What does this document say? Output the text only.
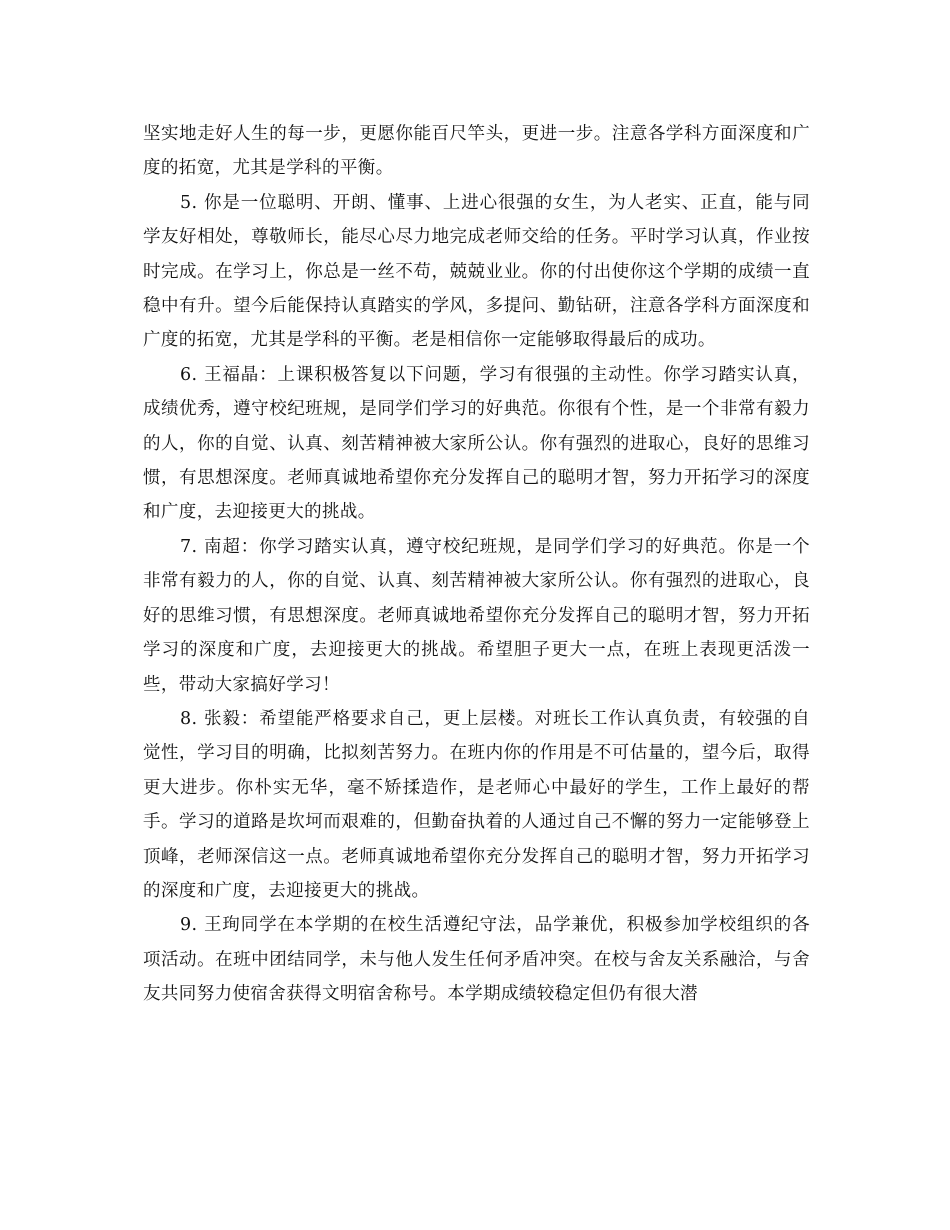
坚实地走好人生的每一步，更愿你能百尺竿头，更进一步。注意各学科方面深度和广度的拓宽，尤其是学科的平衡。

5. 你是一位聪明、开朗、懂事、上进心很强的女生，为人老实、正直，能与同学友好相处，尊敬师长，能尽心尽力地完成老师交给的任务。平时学习认真，作业按时完成。在学习上，你总是一丝不苟，兢兢业业。你的付出使你这个学期的成绩一直稳中有升。望今后能保持认真踏实的学风，多提问、勤钻研，注意各学科方面深度和广度的拓宽，尤其是学科的平衡。老是相信你一定能够取得最后的成功。

6. 王福晶：上课积极答复以下问题，学习有很强的主动性。你学习踏实认真，成绩优秀，遵守校纪班规，是同学们学习的好典范。你很有个性，是一个非常有毅力的人，你的自觉、认真、刻苦精神被大家所公认。你有强烈的进取心，良好的思维习惯，有思想深度。老师真诚地希望你充分发挥自己的聪明才智，努力开拓学习的深度和广度，去迎接更大的挑战。

7. 南超：你学习踏实认真，遵守校纪班规，是同学们学习的好典范。你是一个非常有毅力的人，你的自觉、认真、刻苦精神被大家所公认。你有强烈的进取心，良好的思维习惯，有思想深度。老师真诚地希望你充分发挥自己的聪明才智，努力开拓学习的深度和广度，去迎接更大的挑战。希望胆子更大一点，在班上表现更活泼一些，带动大家搞好学习！

8. 张毅：希望能严格要求自己，更上层楼。对班长工作认真负责，有较强的自觉性，学习目的明确，比拟刻苦努力。在班内你的作用是不可估量的，望今后，取得更大进步。你朴实无华，毫不矫揉造作，是老师心中最好的学生，工作上最好的帮手。学习的道路是坎坷而艰难的，但勤奋执着的人通过自己不懈的努力一定能够登上顶峰，老师深信这一点。老师真诚地希望你充分发挥自己的聪明才智，努力开拓学习的深度和广度，去迎接更大的挑战。

9. 王珣同学在本学期的在校生活遵纪守法，品学兼优，积极参加学校组织的各项活动。在班中团结同学，未与他人发生任何矛盾冲突。在校与舍友关系融洽，与舍友共同努力使宿舍获得文明宿舍称号。本学期成绩较稳定但仍有很大潜
